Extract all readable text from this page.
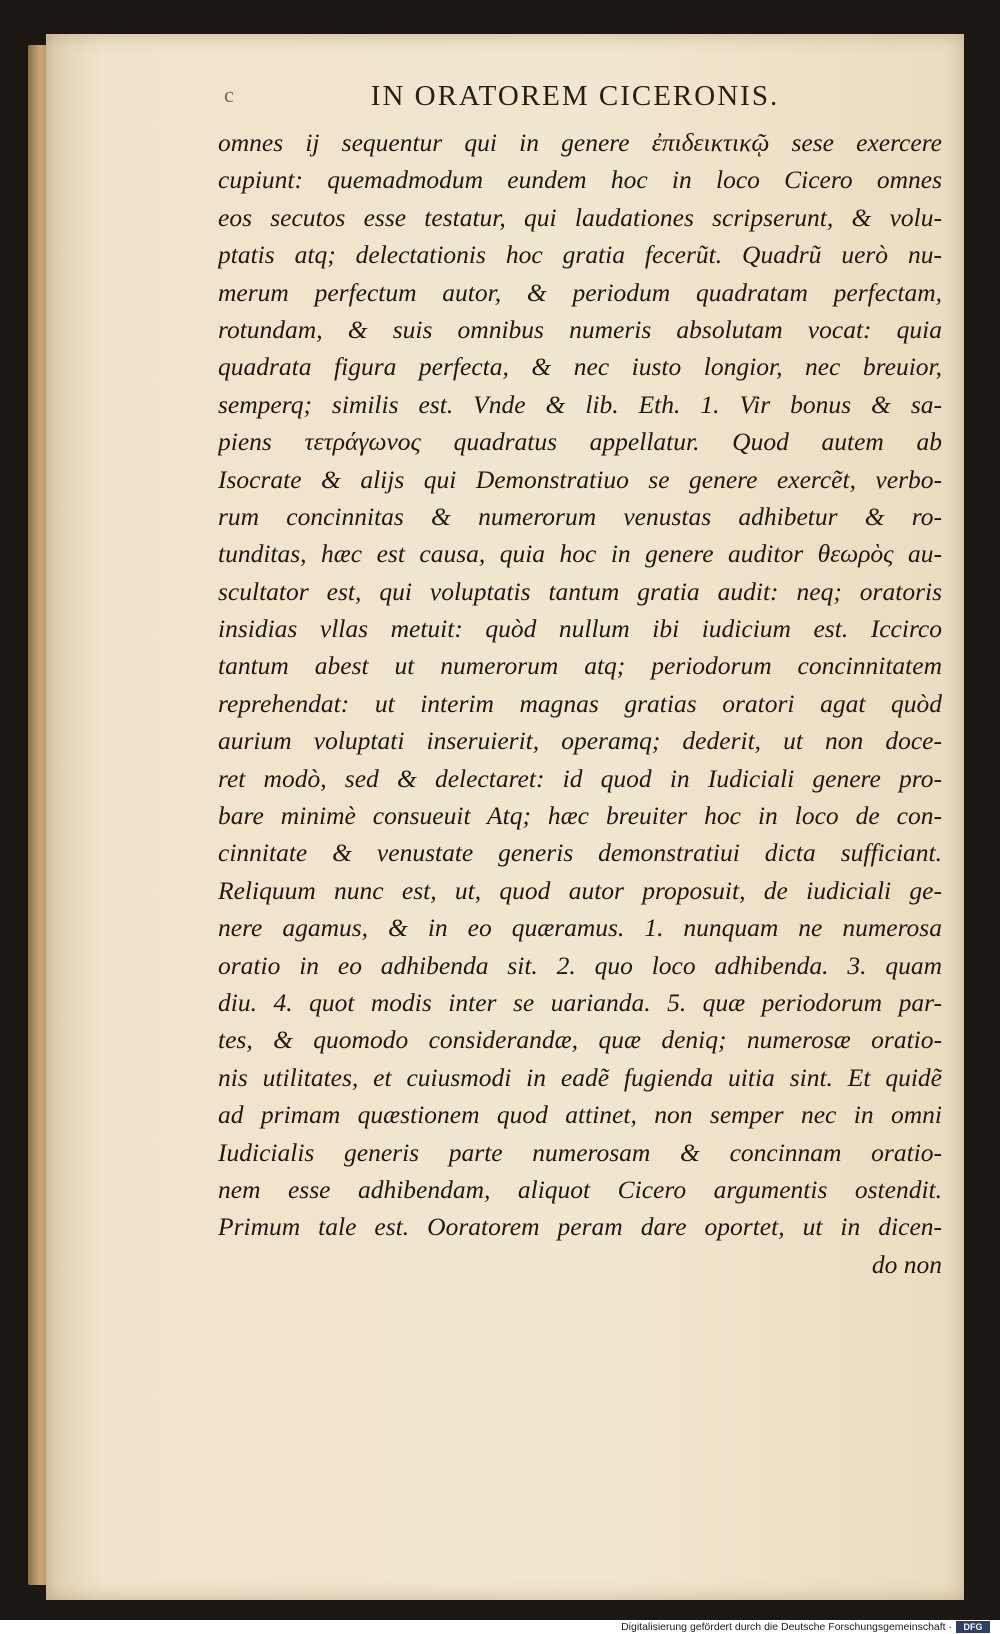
c	IN ORATOREM CICERONIS.
omnes ij sequentur qui in genere ἐπιδεικτικῷ sese exercere
cupiunt: quemadmodum eundem hoc in loco Cicero omnes
eos secutos esse testatur, qui laudationes scripserunt, & volu-
ptatis atq; delectationis hoc gratia fecerũt. Quadrũ uerò nu-
merum perfectum autor, & periodum quadratam perfectam,
rotundam, & suis omnibus numeris absolutam vocat: quia
quadrata figura perfecta, & nec iusto longior, nec breuior,
semperq; similis est. Vnde & lib. Eth. 1. Vir bonus & sa-
piens τετράγωνος quadratus appellatur. Quod autem ab
Isocrate & alijs qui Demonstratiuo se genere exercẽt, verbo-
rum concinnitas & numerorum venustas adhibetur & ro-
tunditas, hæc est causa, quia hoc in genere auditor θεωρὸς au-
scultator est, qui voluptatis tantum gratia audit: neq; oratoris
insidias vllas metuit: quòd nullum ibi iudicium est. Iccirco
tantum abest ut numerorum atq; periodorum concinnitatem
reprehendat: ut interim magnas gratias oratori agat quòd
aurium voluptati inseruierit, operamq; dederit, ut non doce-
ret modò, sed & delectaret: id quod in Iudiciali genere pro-
bare minimè consueuit Atq; hæc breuiter hoc in loco de con-
cinnitate & venustate generis demonstratiui dicta sufficiant.
Reliquum nunc est, ut, quod autor proposuit, de iudiciali ge-
nere agamus, & in eo quæramus. 1. nunquam ne numerosa
oratio in eo adhibenda sit. 2. quo loco adhibenda. 3. quam
diu. 4. quot modis inter se uarianda. 5. quæ periodorum par-
tes, & quomodo considerandæ, quæ deniq; numerosæ oratio-
nis utilitates, et cuiusmodi in eadẽ fugienda uitia sint. Et quidẽ
ad primam quæstionem quod attinet, non semper nec in omni
Iudicialis generis parte numerosam & concinnam oratio-
nem esse adhibendam, aliquot Cicero argumentis ostendit.
Primum tale est. Ooratorem peram dare oportet, ut in dicen-
do non
Digitalisierung gefördert durch die Deutsche Forschungsgemeinschaft ·	DFG
